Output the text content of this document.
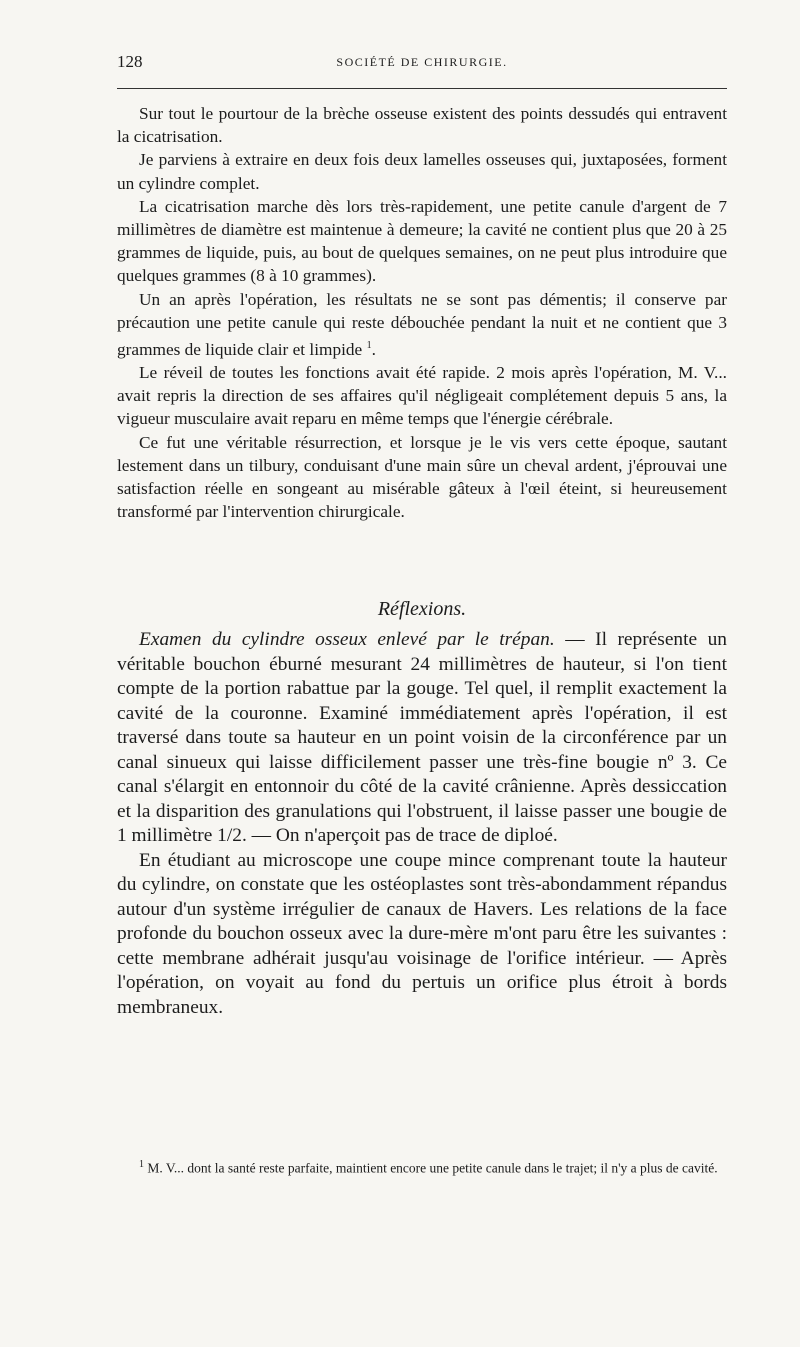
128	SOCIÉTÉ DE CHIRURGIE.

Sur tout le pourtour de la brèche osseuse existent des points dessudés qui entravent la cicatrisation.

Je parviens à extraire en deux fois deux lamelles osseuses qui, juxtaposées, forment un cylindre complet.

La cicatrisation marche dès lors très-rapidement, une petite canule d'argent de 7 millimètres de diamètre est maintenue à demeure; la cavité ne contient plus que 20 à 25 grammes de liquide, puis, au bout de quelques semaines, on ne peut plus introduire que quelques grammes (8 à 10 grammes).

Un an après l'opération, les résultats ne se sont pas démentis; il conserve par précaution une petite canule qui reste débouchée pendant la nuit et ne contient que 3 grammes de liquide clair et limpide $^1$.

Le réveil de toutes les fonctions avait été rapide. 2 mois après l'opération, M. V... avait repris la direction de ses affaires qu'il négligeait complétement depuis 5 ans, la vigueur musculaire avait reparu en même temps que l'énergie cérébrale.

Ce fut une véritable résurrection, et lorsque je le vis vers cette époque, sautant lestement dans un tilbury, conduisant d'une main sûre un cheval ardent, j'éprouvai une satisfaction réelle en songeant au misérable gâteux à l'œil éteint, si heureusement transformé par l'intervention chirurgicale.

Réflexions.

Examen du cylindre osseux enlevé par le trépan. — Il représente un véritable bouchon éburné mesurant 24 millimètres de hauteur, si l'on tient compte de la portion rabattue par la gouge. Tel quel, il remplit exactement la cavité de la couronne. Examiné immédiatement après l'opération, il est traversé dans toute sa hauteur en un point voisin de la circonférence par un canal sinueux qui laisse difficilement passer une très-fine bougie nº 3. Ce canal s'élargit en entonnoir du côté de la cavité crânienne. Après dessiccation et la disparition des granulations qui l'obstruent, il laisse passer une bougie de 1 millimètre 1/2. — On n'aperçoit pas de trace de diploé.

En étudiant au microscope une coupe mince comprenant toute la hauteur du cylindre, on constate que les ostéoplastes sont très-abondamment répandus autour d'un système irrégulier de canaux de Havers. Les relations de la face profonde du bouchon osseux avec la dure-mère m'ont paru être les suivantes : cette membrane adhérait jusqu'au voisinage de l'orifice intérieur. — Après l'opération, on voyait au fond du pertuis un orifice plus étroit à bords membraneux.

$^1$ M. V... dont la santé reste parfaite, maintient encore une petite canule dans le trajet; il n'y a plus de cavité.
